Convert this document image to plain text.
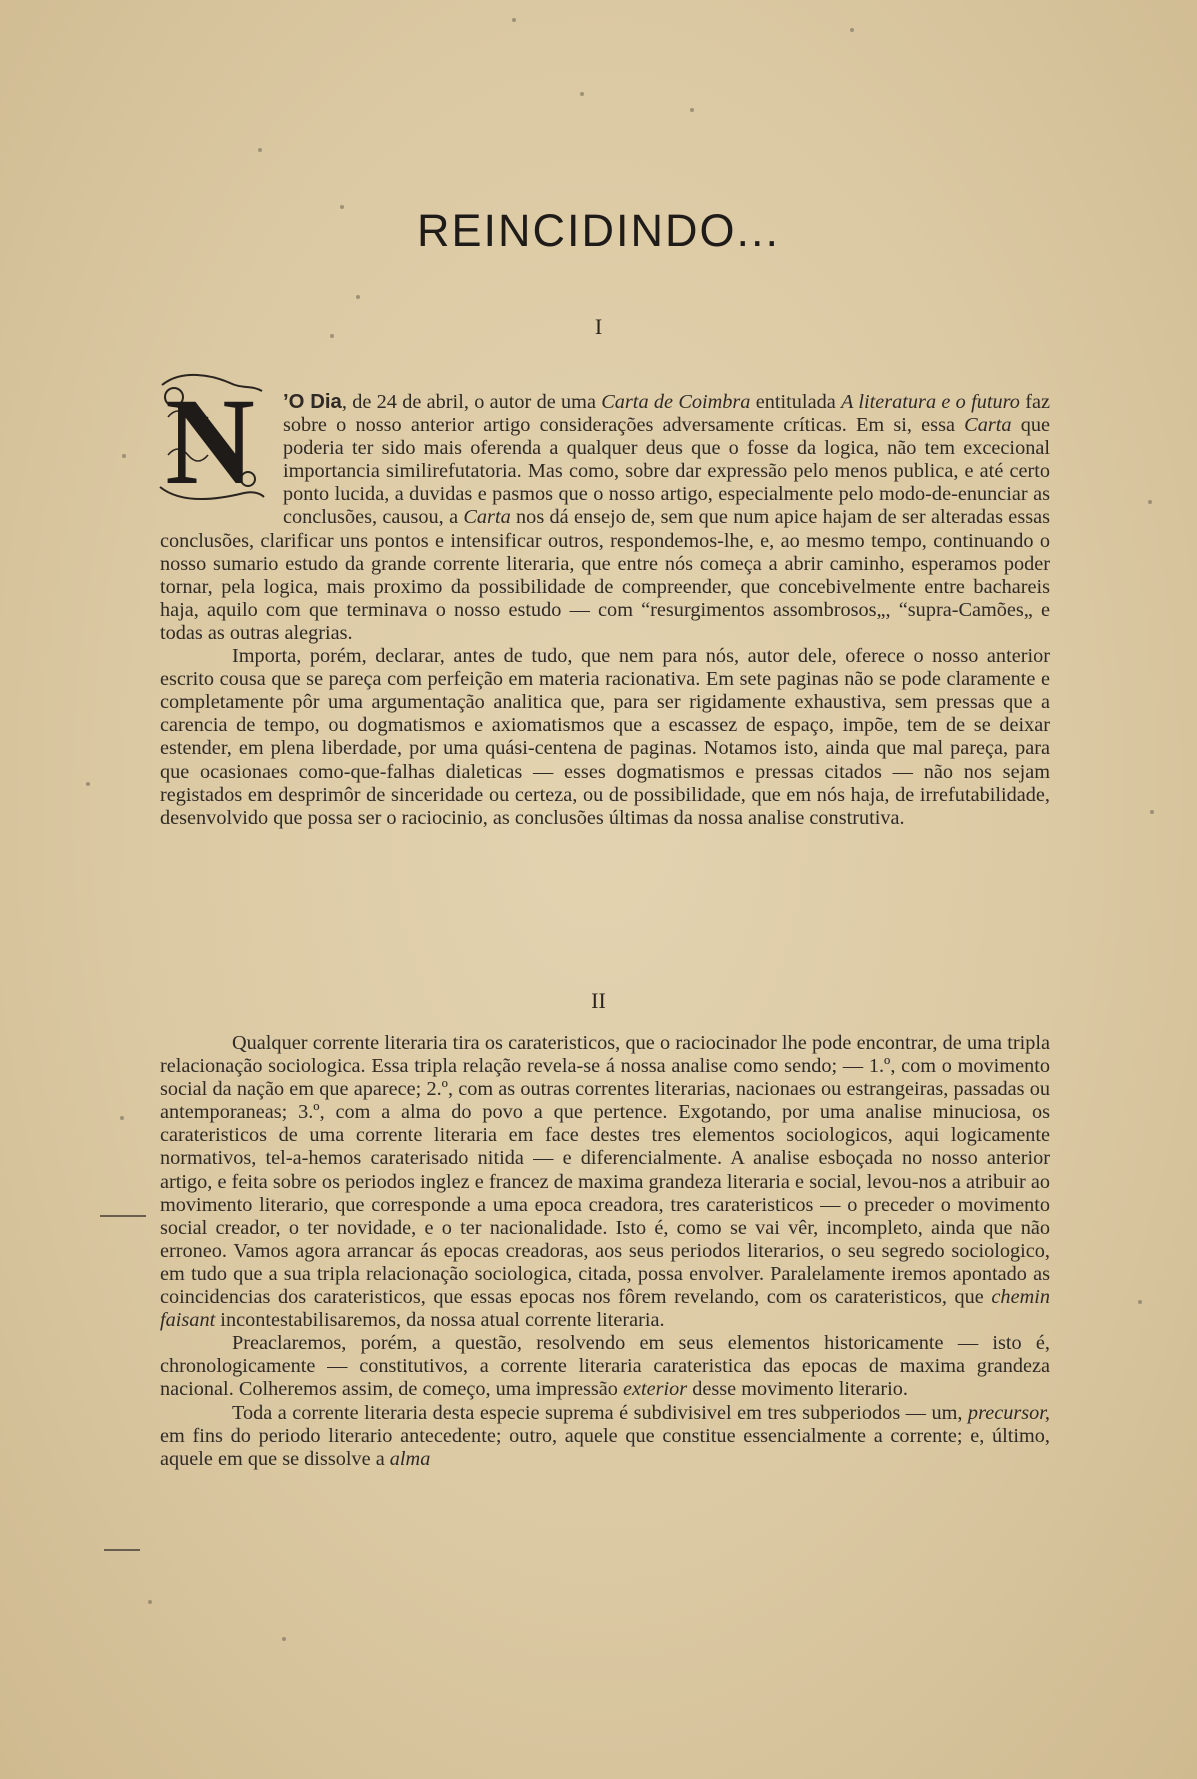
REINCIDINDO...
I

N ’O Dia, de 24 de abril, o autor de uma Carta de Coimbra entitulada A literatura e o futuro faz sobre o nosso anterior artigo considerações adversamente críticas. Em si, essa Carta que poderia ter sido mais oferenda a qualquer deus que o fosse da logica, não tem excecional importancia similirefutatoria. Mas como, sobre dar expressão pelo menos publica, e até certo ponto lucida, a duvidas e pasmos que o nosso artigo, especialmente pelo modo-de-enunciar as conclusões, causou, a Carta nos dá ensejo de, sem que num apice hajam de ser alteradas essas conclusões, clarificar uns pontos e intensificar outros, respondemos-lhe, e, ao mesmo tempo, continuando o nosso sumario estudo da grande corrente literaria, que entre nós começa a abrir caminho, esperamos poder tornar, pela logica, mais proximo da possibilidade de compreender, que concebivelmente entre bachareis haja, aquilo com que terminava o nosso estudo — com “resurgimentos assombrosos„, “supra-Camões„ e todas as outras alegrias.

Importa, porém, declarar, antes de tudo, que nem para nós, autor dele, oferece o nosso anterior escrito cousa que se pareça com perfeição em materia racionativa. Em sete paginas não se pode claramente e completamente pôr uma argumentação analitica que, para ser rigidamente exhaustiva, sem pressas que a carencia de tempo, ou dogmatismos e axiomatismos que a escassez de espaço, impõe, tem de se deixar estender, em plena liberdade, por uma quási-centena de paginas. Notamos isto, ainda que mal pareça, para que ocasionaes como-que-falhas dialeticas — esses dogmatismos e pressas citados — não nos sejam registados em desprimôr de sinceridade ou certeza, ou de possibilidade, que em nós haja, de irrefutabilidade, desenvolvido que possa ser o raciocinio, as conclusões últimas da nossa analise construtiva.

II

Qualquer corrente literaria tira os carateristicos, que o raciocinador lhe pode encontrar, de uma tripla relacionação sociologica. Essa tripla relação revela-se á nossa analise como sendo; — 1.º, com o movimento social da nação em que aparece; 2.º, com as outras correntes literarias, nacionaes ou estrangeiras, passadas ou antemporaneas; 3.º, com a alma do povo a que pertence. Exgotando, por uma analise minuciosa, os carateristicos de uma corrente literaria em face destes tres elementos sociologicos, aqui logicamente normativos, tel-a-hemos caraterisado nitida — e diferencialmente. A analise esboçada no nosso anterior artigo, e feita sobre os periodos inglez e francez de maxima grandeza literaria e social, levou-nos a atribuir ao movimento literario, que corresponde a uma epoca creadora, tres carateristicos — o preceder o movimento social creador, o ter novidade, e o ter nacionalidade. Isto é, como se vai vêr, incompleto, ainda que não erroneo. Vamos agora arrancar ás epocas creadoras, aos seus periodos literarios, o seu segredo sociologico, em tudo que a sua tripla relacionação sociologica, citada, possa envolver. Paralelamente iremos apontado as coincidencias dos carateristicos, que essas epocas nos fôrem revelando, com os carateristicos, que chemin faisant incontestabilisaremos, da nossa atual corrente literaria.

Preaclaremos, porém, a questão, resolvendo em seus elementos historicamente — isto é, chronologicamente — constitutivos, a corrente literaria carateristica das epocas de maxima grandeza nacional. Colheremos assim, de começo, uma impressão exterior desse movimento literario.

Toda a corrente literaria desta especie suprema é subdivisivel em tres subperiodos — um, precursor, em fins do periodo literario antecedente; outro, aquele que constitue essencialmente a corrente; e, último, aquele em que se dissolve a alma
